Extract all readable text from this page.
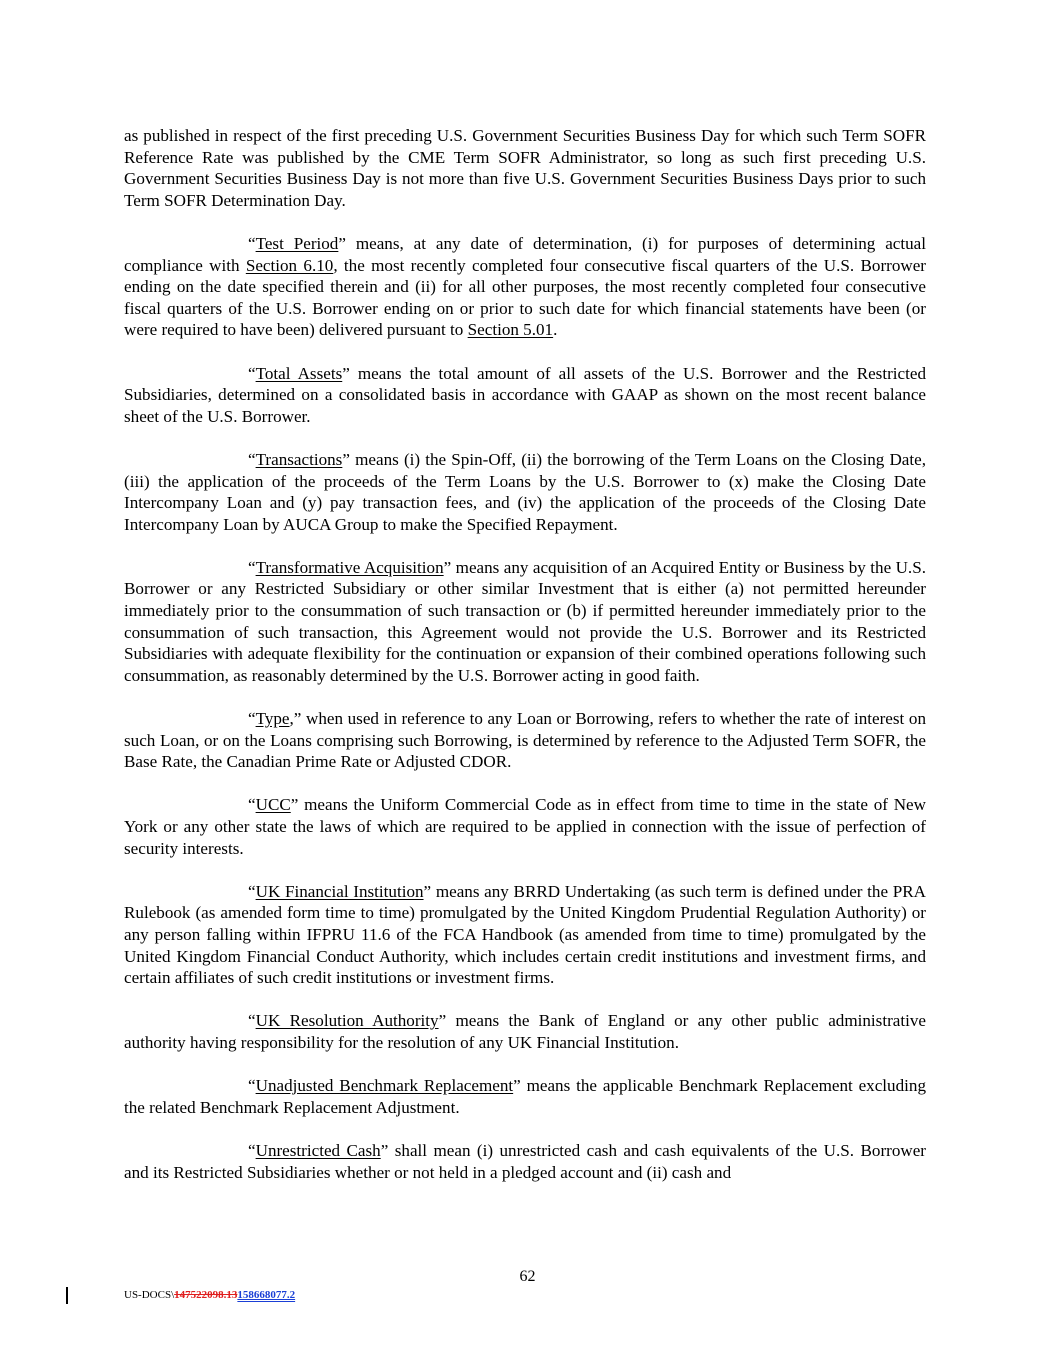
as published in respect of the first preceding U.S. Government Securities Business Day for which such Term SOFR Reference Rate was published by the CME Term SOFR Administrator, so long as such first preceding U.S. Government Securities Business Day is not more than five U.S. Government Securities Business Days prior to such Term SOFR Determination Day.

“Test Period” means, at any date of determination, (i) for purposes of determining actual compliance with Section 6.10, the most recently completed four consecutive fiscal quarters of the U.S. Borrower ending on the date specified therein and (ii) for all other purposes, the most recently completed four consecutive fiscal quarters of the U.S. Borrower ending on or prior to such date for which financial statements have been (or were required to have been) delivered pursuant to Section 5.01.

“Total Assets” means the total amount of all assets of the U.S. Borrower and the Restricted Subsidiaries, determined on a consolidated basis in accordance with GAAP as shown on the most recent balance sheet of the U.S. Borrower.

“Transactions” means (i) the Spin-Off, (ii) the borrowing of the Term Loans on the Closing Date, (iii) the application of the proceeds of the Term Loans by the U.S. Borrower to (x) make the Closing Date Intercompany Loan and (y) pay transaction fees, and (iv) the application of the proceeds of the Closing Date Intercompany Loan by AUCA Group to make the Specified Repayment.

“Transformative Acquisition” means any acquisition of an Acquired Entity or Business by the U.S. Borrower or any Restricted Subsidiary or other similar Investment that is either (a) not permitted hereunder immediately prior to the consummation of such transaction or (b) if permitted hereunder immediately prior to the consummation of such transaction, this Agreement would not provide the U.S. Borrower and its Restricted Subsidiaries with adequate flexibility for the continuation or expansion of their combined operations following such consummation, as reasonably determined by the U.S. Borrower acting in good faith.

“Type,” when used in reference to any Loan or Borrowing, refers to whether the rate of interest on such Loan, or on the Loans comprising such Borrowing, is determined by reference to the Adjusted Term SOFR, the Base Rate, the Canadian Prime Rate or Adjusted CDOR.

“UCC” means the Uniform Commercial Code as in effect from time to time in the state of New York or any other state the laws of which are required to be applied in connection with the issue of perfection of security interests.

“UK Financial Institution” means any BRRD Undertaking (as such term is defined under the PRA Rulebook (as amended form time to time) promulgated by the United Kingdom Prudential Regulation Authority) or any person falling within IFPRU 11.6 of the FCA Handbook (as amended from time to time) promulgated by the United Kingdom Financial Conduct Authority, which includes certain credit institutions and investment firms, and certain affiliates of such credit institutions or investment firms.

“UK Resolution Authority” means the Bank of England or any other public administrative authority having responsibility for the resolution of any UK Financial Institution.

“Unadjusted Benchmark Replacement” means the applicable Benchmark Replacement excluding the related Benchmark Replacement Adjustment.

“Unrestricted Cash” shall mean (i) unrestricted cash and cash equivalents of the U.S. Borrower and its Restricted Subsidiaries whether or not held in a pledged account and (ii) cash and

62
US-DOCS\147522098.13158668077.2
